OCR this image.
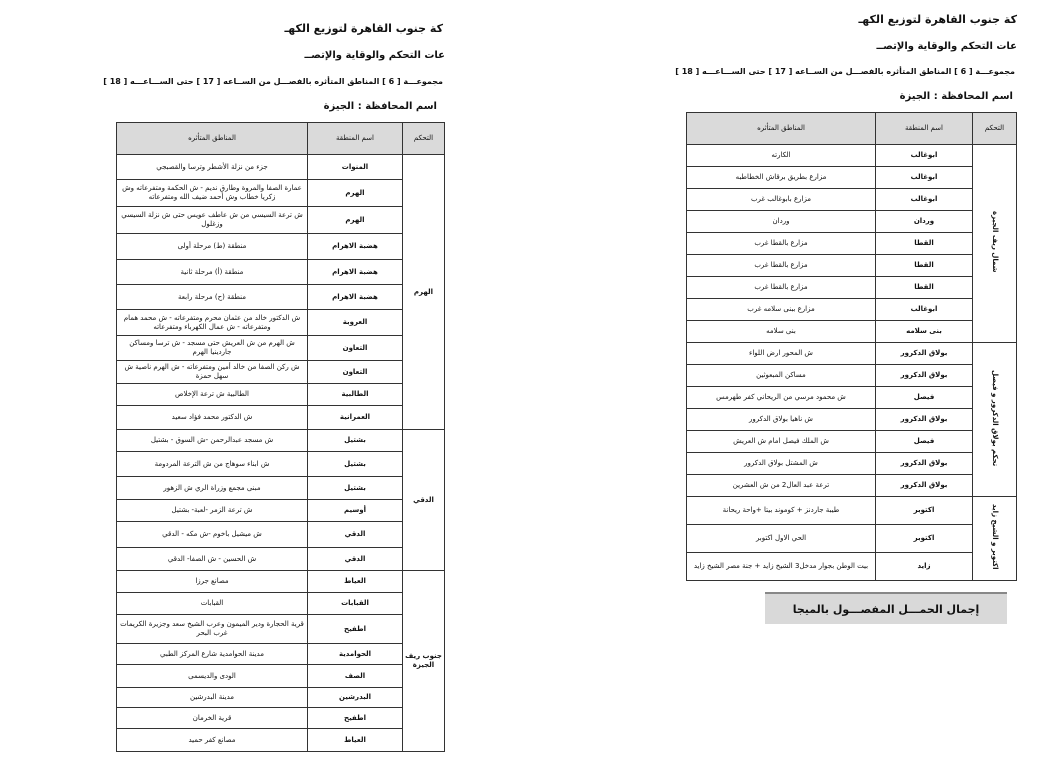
كة جنوب القاهرة لتوزيع الكهـ
عات التحكم والوقاية والإتصــ
مجموعـــة [ 6 ] المناطق المتأثره بالفصـــل من الســاعه [ 17 ] حتى الســـاعـــه [ 18 ]
اسم المحافظة : الجيزة
التحكم	اسم المنطقة	المناطق المتأثره
الهرم	المنوات	جزء من نزلة الأشطر وترسا والقصبجي
	الهرم	عمارة الصفا والمروة وطارق نديم - ش الحكمة ومتفرعاته وش زكريا خطاب وش أحمد ضيف الله ومتفرعاته
	الهرم	ش ترعة السيسي من ش عاطف عويس حتى ش نزلة السيسي وزغلول
	هضبة الاهرام	منطقة (ط) مرحلة أولى
	هضبة الاهرام	منطقة (أ) مرحلة ثانية
	هضبة الاهرام	منطقة (ح) مرحلة رابعة
	العروبة	ش الدكتور خالد من عثمان محرم ومتفرعاته - ش محمد همام ومتفرعاته - ش عمال الكهرباء ومتفرعاته
	التعاون	ش الهرم من ش العريش حتى مسجد - ش ترسا ومساكن جاردينيا الهرم
	التعاون	ش ركن الصفا من خالد أمين ومتفرعاته - ش الهرم ناصية ش سهل حمزة
	الطالبية	الطالبية ش ترعة الإخلاص
	العمرانية	ش الدكتور محمد فؤاد سعيد
الدقي	بشتيل	ش مسجد عبدالرحمن -ش السوق - بشتيل
	بشتيل	ش ابناء سوهاج من ش الترعة المردومة
	بشتيل	مبنى مجمع وزراة الري ش الزهور
	أوسيم	ش ترعة الزمر -لعبة- بشتيل
	الدقي	ش ميشيل باخوم -ش مكه - الدقي
	الدقي	ش الحسين - ش الصفا- الدقي
جنوب ريف الجيزة	العياط	مصانع جرزا
	القبابات	القبابات
	اطفيح	قرية الحجارة ودير الميمون وعرب الشيخ سعد وجزيرة الكريمات غرب البحر
	الحوامدية	مدينة الحوامدية شارع المركز الطبي
	الصف	الودى والديسمى
	البدرشين	مدينة البدرشين
	اطفيح	قرية الخرمان
	العياط	مصانع كفر حميد
كة جنوب القاهرة لتوزيع الكهـ
عات التحكم والوقاية والإتصــ
مجموعـــة [ 6 ] المناطق المتأثره بالفصـــل من الســاعه [ 17 ] حتى الســـاعـــه [ 18 ]
اسم المحافظة : الجيزة
التحكم	اسم المنطقة	المناطق المتأثره
شمال ريف الجيزة	ابوغالب	الكارته
	ابوغالب	مزارع بطريق برقاش الخطاطبه
	ابوغالب	مزارع بابوغالب غرب
	وردان	وردان
	القطا	مزارع بالقطا غرب
	القطا	مزارع بالقطا غرب
	القطا	مزارع بالقطا غرب
	ابوغالب	مزارع ببنى سلامه غرب
	بنى سلامه	بنى سلامه
تحكم بولاق الدكرور و فيصل	بولاق الدكرور	ش المحور ارض اللواء
	بولاق الدكرور	مساكن المبعوثين
	فيصل	ش محمود مرسي من الريحاني كفر طهرمس
	بولاق الدكرور	ش ناهيا بولاق الدكرور
	فيصل	ش الملك فيصل امام ش العريش
	بولاق الدكرور	ش المشتل بولاق الدكرور
	بولاق الدكرور	ترعة عبد العال2 من ش العشرين
اكتوبر و الشيخ زايد	اكتوبر	طيبة جاردنز + كوموند بيتا +واحة ريحانة
	اكتوبر	الحي الاول اكتوبر
	زايد	بيت الوطن بجوار مدخل3 الشيخ زايد + جنة مصر الشيخ زايد
إجمال الحمـــل المفصـــول بالميجا
